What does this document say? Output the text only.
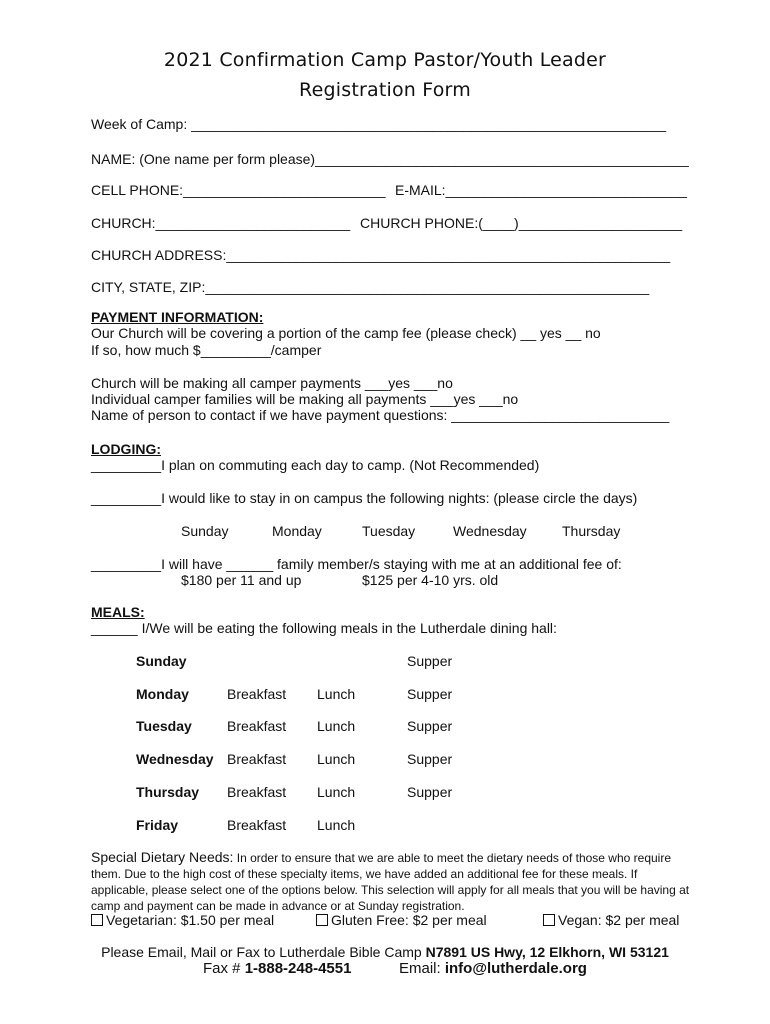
2021 Confirmation Camp Pastor/Youth Leader
Registration Form
Week of Camp: _____________________________________________________________
NAME: (One name per form please)________________________________________________
CELL PHONE:__________________________ E-MAIL:_______________________________
CHURCH:_________________________ CHURCH PHONE:(____)_____________________
CHURCH ADDRESS:_________________________________________________________
CITY, STATE, ZIP:_________________________________________________________
PAYMENT INFORMATION:
Our Church will be covering a portion of the camp fee (please check) __ yes __ no
If so, how much $_________/camper
Church will be making all camper payments ___yes ___no
Individual camper families will be making all payments ___yes ___no
Name of person to contact if we have payment questions: ____________________________
LODGING:
_________I plan on commuting each day to camp. (Not Recommended)
_________I would like to stay in on campus the following nights: (please circle the days)
Sunday	Monday	Tuesday	Wednesday	Thursday
_________I will have ______ family member/s staying with me at an additional fee of:
$180 per 11 and up	$125 per 4-10 yrs. old
MEALS:
______ I/We will be eating the following meals in the Lutherdale dining hall:
Sunday	Supper
Monday	Breakfast Lunch	Supper
Tuesday	Breakfast Lunch	Supper
Wednesday Breakfast Lunch	Supper
Thursday Breakfast Lunch	Supper
Friday	Breakfast Lunch
Special Dietary Needs: In order to ensure that we are able to meet the dietary needs of those who require them. Due to the high cost of these specialty items, we have added an additional fee for these meals. If applicable, please select one of the options below. This selection will apply for all meals that you will be having at camp and payment can be made in advance or at Sunday registration.
Vegetarian: $1.50 per meal	Gluten Free: $2 per meal	Vegan: $2 per meal
Please Email, Mail or Fax to Lutherdale Bible Camp N7891 US Hwy, 12 Elkhorn, WI 53121
Fax # 1-888-248-4551	Email: info@lutherdale.org
